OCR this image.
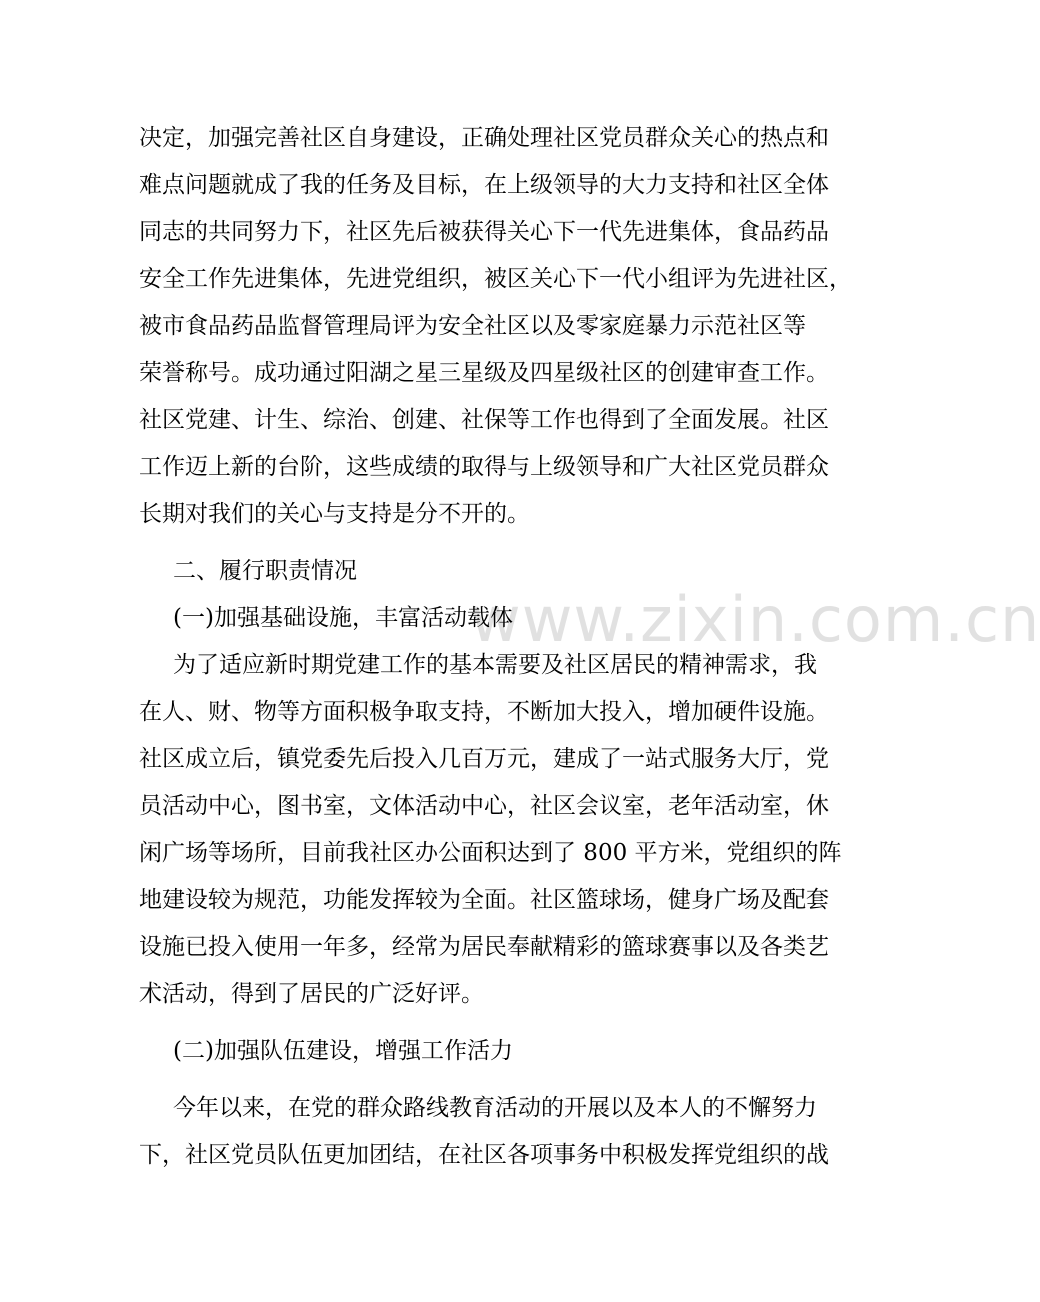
www.zixin.com.cn
决定，加强完善社区自身建设，正确处理社区党员群众关心的热点和
难点问题就成了我的任务及目标，在上级领导的大力支持和社区全体
同志的共同努力下，社区先后被获得关心下一代先进集体，食品药品
安全工作先进集体，先进党组织，被区关心下一代小组评为先进社区，
被市食品药品监督管理局评为安全社区以及零家庭暴力示范社区等
荣誉称号。成功通过阳湖之星三星级及四星级社区的创建审查工作。
社区党建、计生、综治、创建、社保等工作也得到了全面发展。社区
工作迈上新的台阶，这些成绩的取得与上级领导和广大社区党员群众
长期对我们的关心与支持是分不开的。
二、履行职责情况
(一)加强基础设施，丰富活动载体
为了适应新时期党建工作的基本需要及社区居民的精神需求，我
在人、财、物等方面积极争取支持，不断加大投入，增加硬件设施。
社区成立后，镇党委先后投入几百万元，建成了一站式服务大厅，党
员活动中心，图书室，文体活动中心，社区会议室，老年活动室，休
闲广场等场所，目前我社区办公面积达到了 800 平方米，党组织的阵
地建设较为规范，功能发挥较为全面。社区篮球场，健身广场及配套
设施已投入使用一年多，经常为居民奉献精彩的篮球赛事以及各类艺
术活动，得到了居民的广泛好评。
(二)加强队伍建设，增强工作活力
今年以来，在党的群众路线教育活动的开展以及本人的不懈努力
下，社区党员队伍更加团结，在社区各项事务中积极发挥党组织的战
